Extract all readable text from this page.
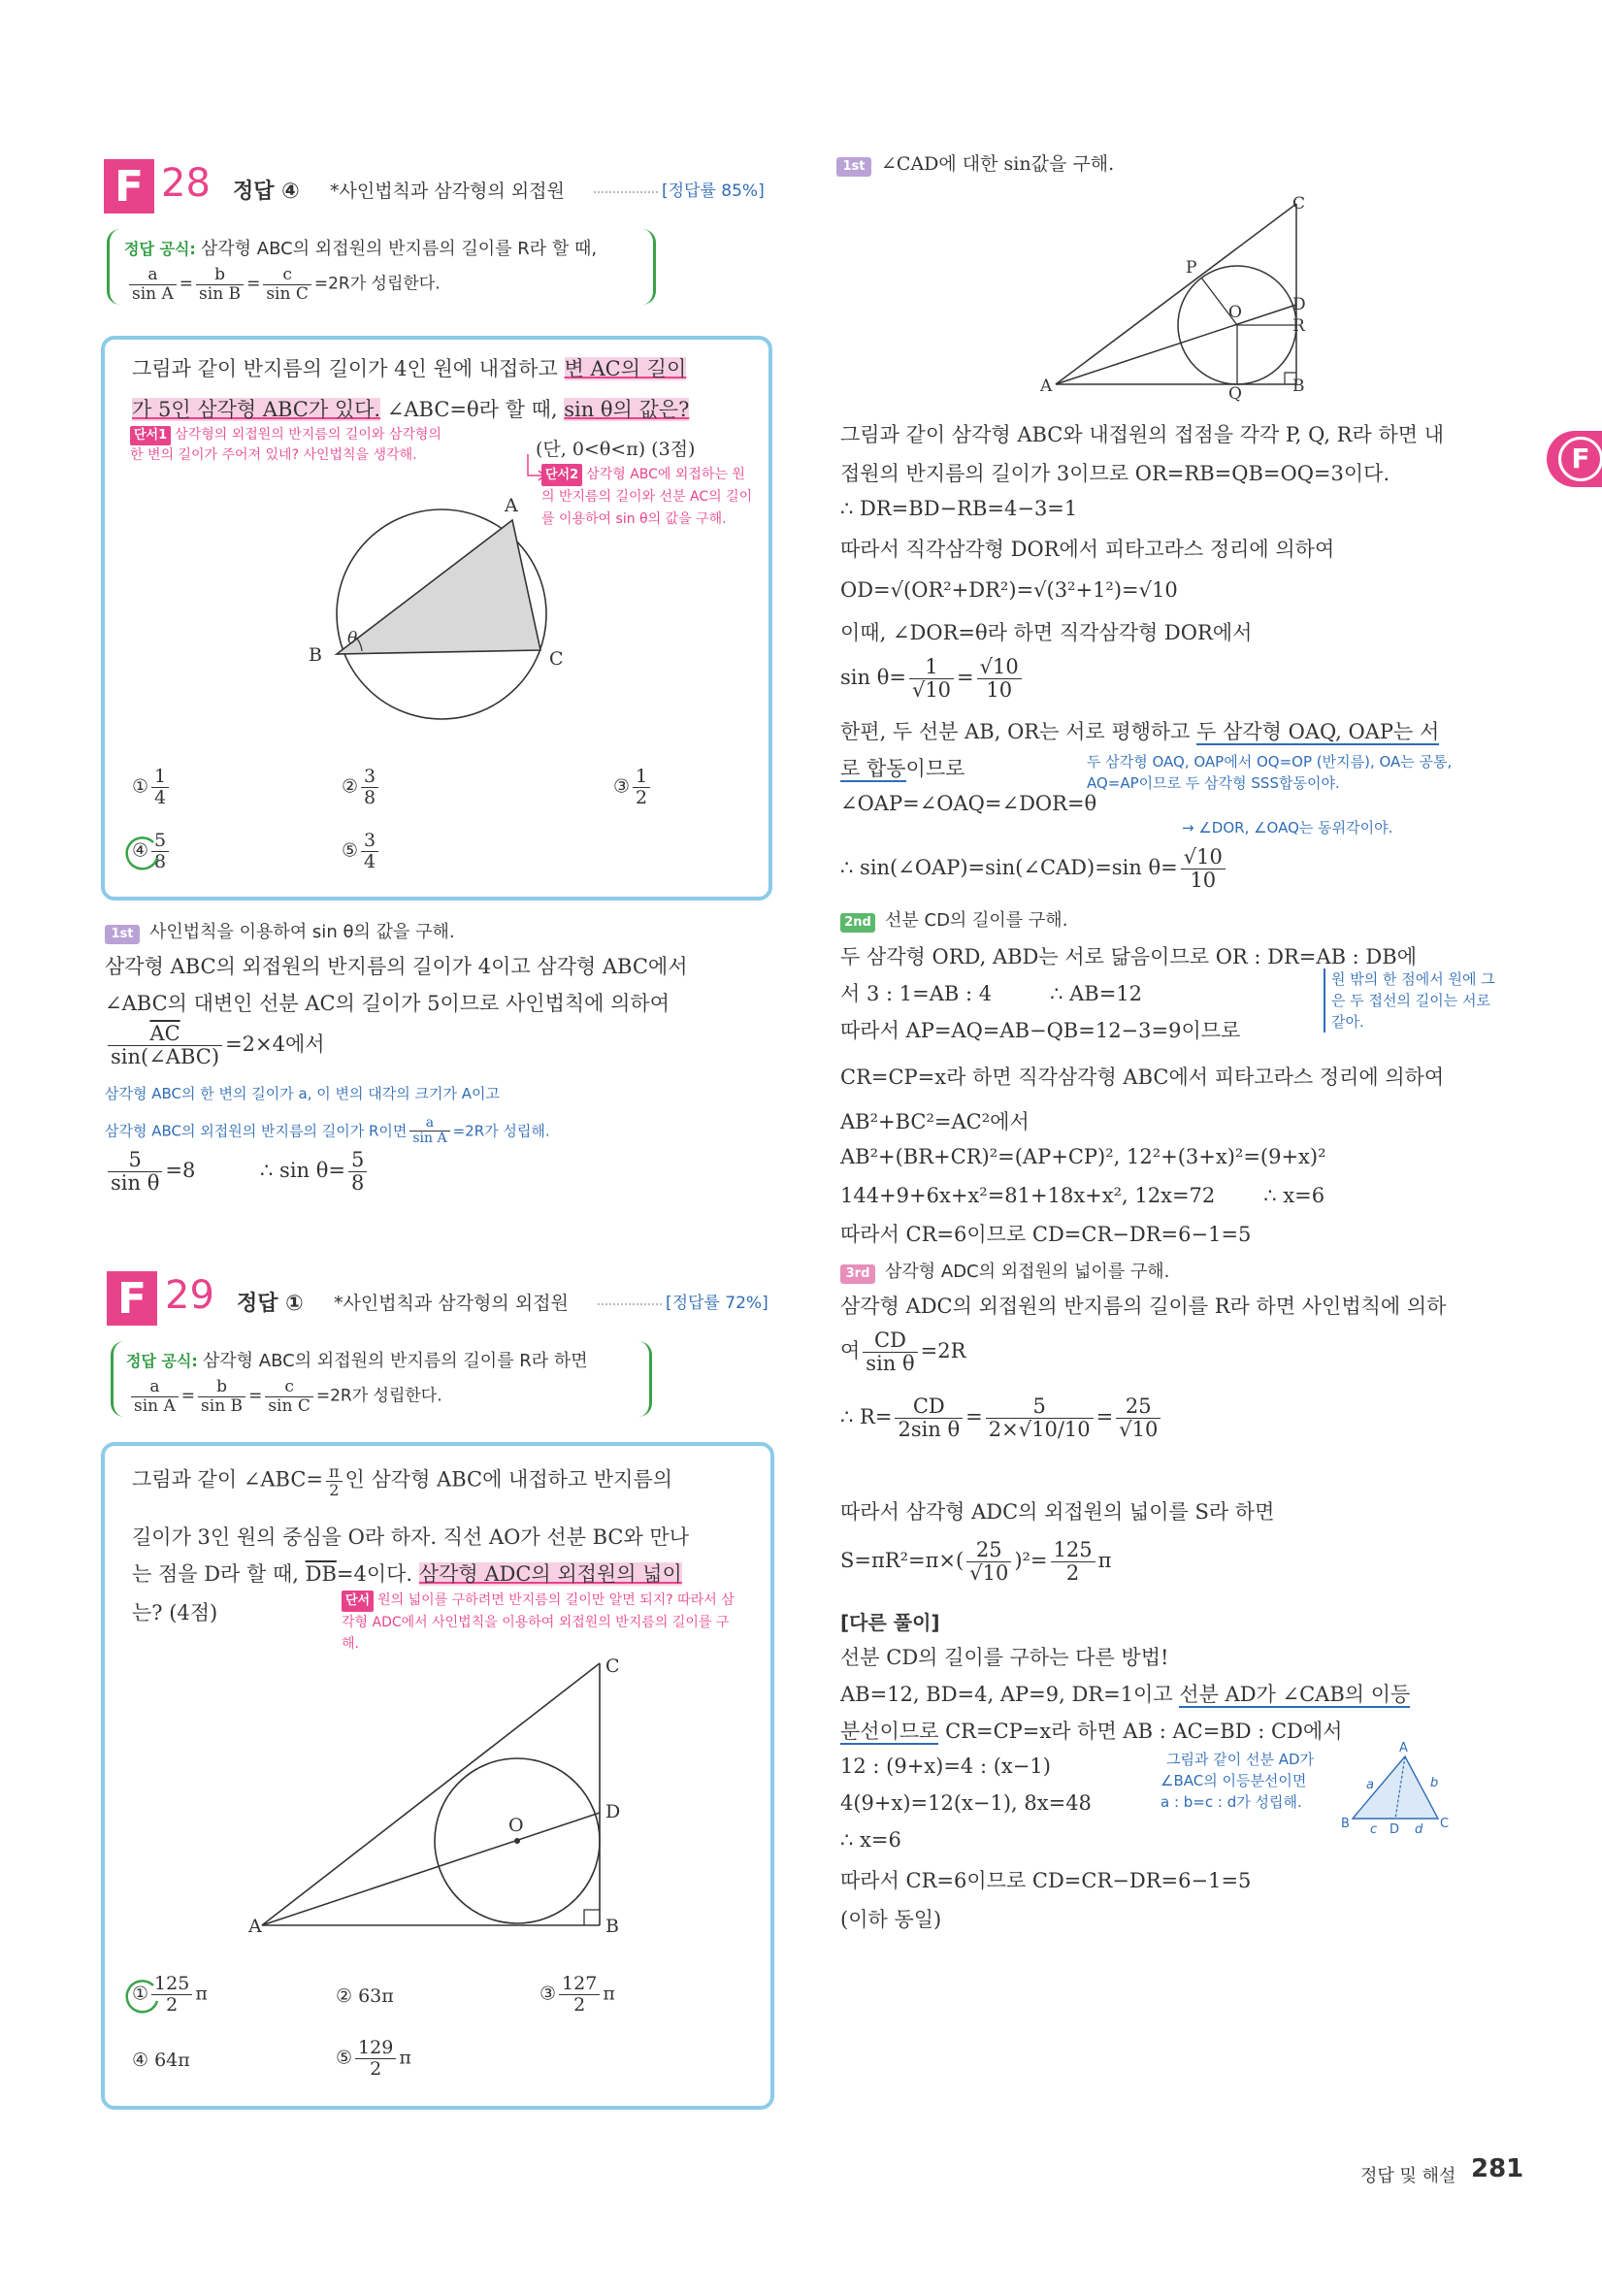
F 28 정답 ④ *사인법칙과 삼각형의 외접원	[정답률 85%]
정답 공식: 삼각형 ABC의 외접원의 반지름의 길이를 R라 할 때,
$\frac{a}{\text{sin A}} = \frac{b}{\text{sin B}} = \frac{c}{\text{sin C}} =2R$가 성립한다.
그림과 같이 반지름의 길이가 4인 원에 내접하고 변 AC의 길이
가 5인 삼각형 ABC가 있다. ∠ABC=θ라 할 때, sin θ의 값은?
(단, 0<θ<π) (3점)
단서1 삼각형의 외접원의 반지름의 길이와 삼각형의 한 변의 길이가 주어져 있네? 사인법칙을 생각해.
단서2 삼각형 ABC에 외접하는 원의 반지름의 길이와 선분 AC의 길이를 이용하여 sin θ의 값을 구해.
A
B	C
θ
① $\frac{1}{4}$	② $\frac{3}{8}$	③ $\frac{1}{2}$
④ $\frac{5}{8}$	⑤ $\frac{3}{4}$
1st 사인법칙을 이용하여 sin θ의 값을 구해.
삼각형 ABC의 외접원의 반지름의 길이가 4이고 삼각형 ABC에서
∠ABC의 대변인 선분 AC의 길이가 5이므로 사인법칙에 의하여
$\frac{\overline{AC}}{\text{sin(∠ABC)}} =2\times 4$에서
삼각형 ABC의 한 변의 길이가 a, 이 변의 대각의 크기가 A이고
삼각형 ABC의 외접원의 반지름의 길이가 R이면 $\frac{a}{\text{sin A}} =2R$가 성립해.
$\frac{5}{\text{sin θ}} =8$	∴ $\sin \theta= \frac{5}{8}$
F 29 정답 ① *사인법칙과 삼각형의 외접원	[정답률 72%]
정답 공식: 삼각형 ABC의 외접원의 반지름의 길이를 R라 하면
$\frac{a}{\text{sin A}} = \frac{b}{\text{sin B}} = \frac{c}{\text{sin C}} =2R$가 성립한다.
그림과 같이 ∠ABC= $\frac{\pi}{2}$ 인 삼각형 ABC에 내접하고 반지름의
길이가 3인 원의 중심을 O라 하자. 직선 AO가 선분 BC와 만나
는 점을 D라 할 때, $\overline{DB}=4$이다. 삼각형 ADC의 외접원의 넓이
는? (4점)
단서 원의 넓이를 구하려면 반지름의 길이만 알면 되지? 따라서 삼각형 ADC에서 사인법칙을 이용하여 외접원의 반지름의 길이를 구해.
A	B
C
D
O
① $\frac{125}{2}$ π	② 63π	③ $\frac{127}{2}$ π
④ 64π	⑤ $\frac{129}{2}$ π
1st ∠CAD에 대한 sin값을 구해.
A	B
C
D
R
O
P
Q
그림과 같이 삼각형 ABC와 내접원의 접점을 각각 P, Q, R라 하면 내
접원의 반지름의 길이가 3이므로 OR=RB=QB=OQ=3이다.
∴ DR=BD−RB=4−3=1
따라서 직각삼각형 DOR에서 피타고라스 정리에 의하여
OD=√(OR²+DR²)=√(3²+1²)=√10
이때, ∠DOR=θ라 하면 직각삼각형 DOR에서
$\sin \theta= \frac{1}{√10} = \frac{√10}{10}$
한편, 두 선분 AB, OR는 서로 평행하고 두 삼각형 OAQ, OAP는 서
로 합동이므로	두 삼각형 OAQ, OAP에서 OQ=OP (반지름), OA는 공통,
AQ=AP이므로 두 삼각형 SSS합동이야.
∠OAP=∠OAQ=∠DOR=θ
→ ∠DOR, ∠OAQ는 동위각이야.
∴ sin(∠OAP)=sin(∠CAD)=sin $\theta= \frac{√10}{10}$
2nd 선분 CD의 길이를 구해.
두 삼각형 ORD, ABD는 서로 닮음이므로 OR : DR=AB : DB에
서 3 : 1=AB : 4	∴ AB=12
원 밖의 한 점에서 원에 그은 두 접선의 길이는 서로 같아.
따라서 AP=AQ=AB−QB=12−3=9이므로
CR=CP=x라 하면 직각삼각형 ABC에서 피타고라스 정리에 의하여
AB²+BC²=AC²에서
AB²+(BR+CR)²=(AP+CP)², 12²+(3+x)²=(9+x)²
144+9+6x+x²=81+18x+x², 12x=72 ∴ x=6
따라서 CR=6이므로 CD=CR−DR=6−1=5
3rd 삼각형 ADC의 외접원의 넓이를 구해.
삼각형 ADC의 외접원의 반지름의 길이를 R라 하면 사인법칙에 의하
여 $\frac{CD}{\text{sin θ}} =2R$
∴ $R= \frac{CD}{\text{2sin θ}} = \frac{5}{2\times√10/10} = \frac{25}{√10}$
따라서 삼각형 ADC의 외접원의 넓이를 S라 하면
$S=\pi R^2=\pi\times( \frac{25}{√10} )^2= \frac{125}{2}$ π
[다른 풀이]
선분 CD의 길이를 구하는 다른 방법!
AB=12, BD=4, AP=9, DR=1이고 선분 AD가 ∠CAB의 이등
분선이므로 CR=CP=x라 하면 AB : AC=BD : CD에서
12 : (9+x)=4 : (x−1)
4(9+x)=12(x−1), 8x=48
∴ x=6
따라서 CR=6이므로 CD=CR−DR=6−1=5
(이하 동일)
그림과 같이 선분 AD가
∠BAC의 이등분선이면
a : b=c : d가 성립해.
A
B	C
D
a	b
c	d
F
정답 및 해설 281
